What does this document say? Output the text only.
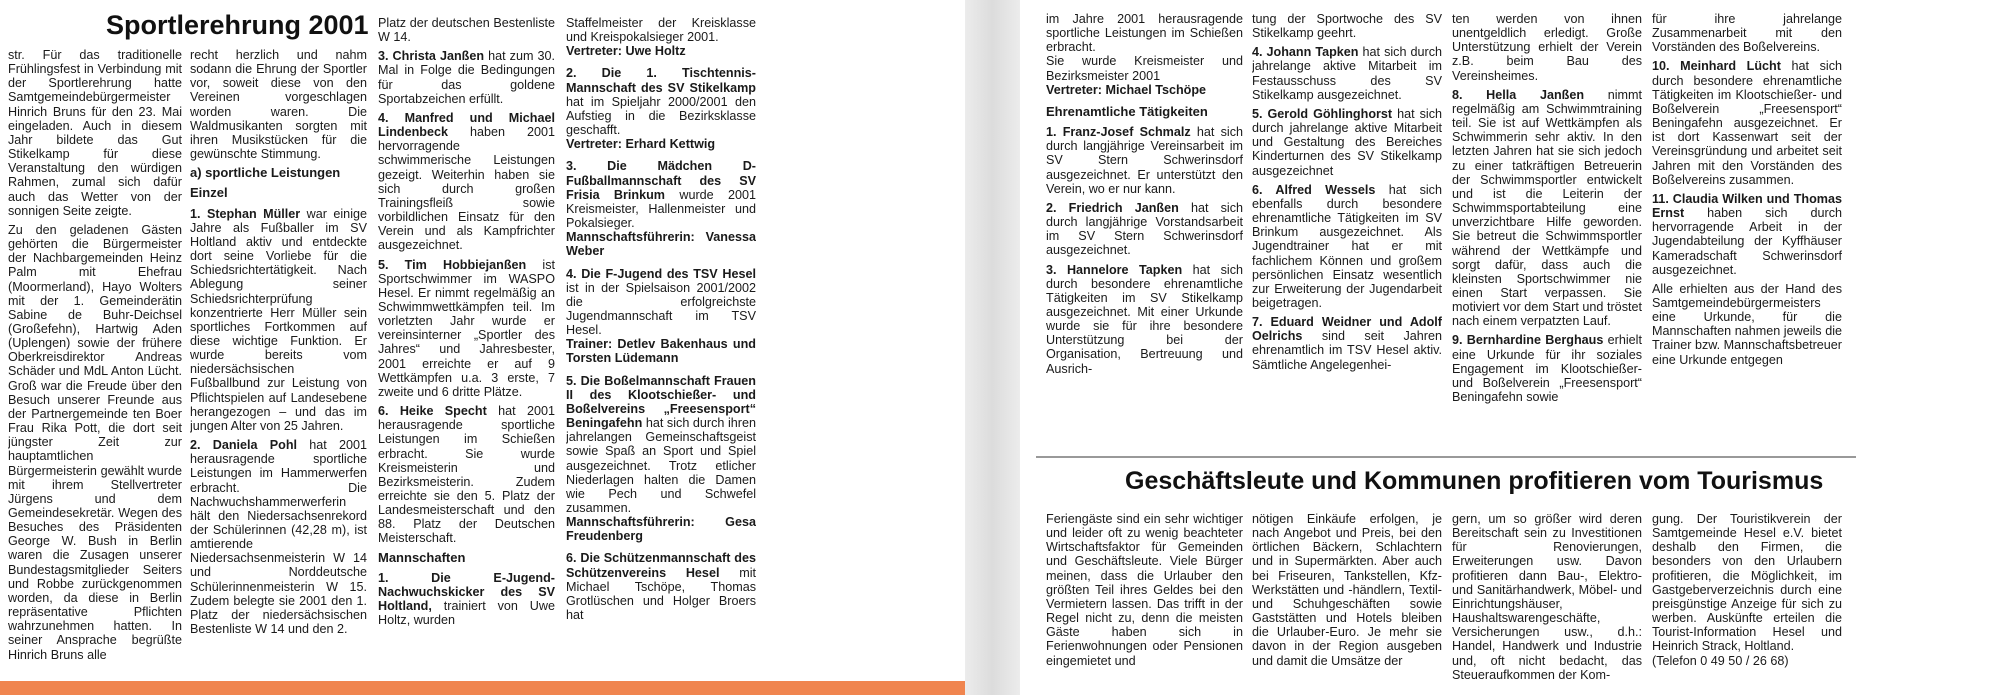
Sportlerehrung 2001

str. Für das traditionelle Frühlingsfest in Verbindung mit der Sportlerehrung hatte Samtgemeindebürgermeister Hinrich Bruns für den 23. Mai eingeladen. Auch in diesem Jahr bildete das Gut Stikelkamp für diese Veranstaltung den würdigen Rahmen, zumal sich dafür auch das Wetter von der sonnigen Seite zeigte.

Zu den geladenen Gästen gehörten die Bürgermeister der Nachbargemeinden Heinz Palm mit Ehefrau (Moormerland), Hayo Wolters mit der 1. Gemeinderätin Sabine de Buhr-Deichsel (Großefehn), Hartwig Aden (Uplengen) sowie der frühere Oberkreisdirektor Andreas Schäder und MdL Anton Lücht. Groß war die Freude über den Besuch unserer Freunde aus der Partnergemeinde ten Boer Frau Rika Pott, die dort seit jüngster Zeit zur hauptamtlichen Bürgermeisterin gewählt wurde mit ihrem Stellvertreter Jürgens und dem Gemeindesekretär. Wegen des Besuches des Präsidenten George W. Bush in Berlin waren die Zusagen unserer Bundestagsmitglieder Seiters und Robbe zurückgenommen worden, da diese in Berlin repräsentative Pflichten wahrzunehmen hatten. In seiner Ansprache begrüßte Hinrich Bruns alle

recht herzlich und nahm sodann die Ehrung der Sportler vor, soweit diese von den Vereinen vorgeschlagen worden waren. Die Waldmusikanten sorgten mit ihren Musikstücken für die gewünschte Stimmung.

a) sportliche Leistungen
Einzel

1. Stephan Müller war einige Jahre als Fußballer im SV Holtland aktiv und entdeckte dort seine Vorliebe für die Schiedsrichtertätigkeit. Nach Ablegung seiner Schiedsrichterprüfung konzentrierte Herr Müller sein sportliches Fortkommen auf diese wichtige Funktion. Er wurde bereits vom niedersächsischen Fußballbund zur Leistung von Pflichtspielen auf Landesebene herangezogen – und das im jungen Alter von 25 Jahren.

2. Daniela Pohl hat 2001 herausragende sportliche Leistungen im Hammerwerfen erbracht. Die Nachwuchshammerwerferin hält den Niedersachsenrekord der Schülerinnen (42,28 m), ist amtierende Niedersachsenmeisterin W 14 und Norddeutsche Schülerinnenmeisterin W 15. Zudem belegte sie 2001 den 1. Platz der niedersächsischen Bestenliste W 14 und den 2.

Platz der deutschen Bestenliste W 14.

3. Christa Janßen hat zum 30. Mal in Folge die Bedingungen für das goldene Sportabzeichen erfüllt.

4. Manfred und Michael Lindenbeck haben 2001 hervorragende schwimmerische Leistungen gezeigt. Weiterhin haben sie sich durch großen Trainingsfleiß sowie vorbildlichen Einsatz für den Verein und als Kampfrichter ausgezeichnet.

5. Tim Hobbiejanßen ist Sportschwimmer im WASPO Hesel. Er nimmt regelmäßig an Schwimmwettkämpfen teil. Im vorletzten Jahr wurde er vereinsinterner „Sportler des Jahres“ und Jahresbester, 2001 erreichte er auf 9 Wettkämpfen u.a. 3 erste, 7 zweite und 6 dritte Plätze.

6. Heike Specht hat 2001 herausragende sportliche Leistungen im Schießen erbracht. Sie wurde Kreismeisterin und Bezirksmeisterin. Zudem erreichte sie den 5. Platz der Landesmeisterschaft und den 88. Platz der Deutschen Meisterschaft.

Mannschaften

1. Die E-Jugend-Nachwuchskicker des SV Holtland, trainiert von Uwe Holtz, wurden

Staffelmeister der Kreisklasse und Kreispokalsieger 2001.

Vertreter: Uwe Holtz

2. Die 1. Tischtennis-Mannschaft des SV Stikelkamp hat im Spieljahr 2000/2001 den Aufstieg in die Bezirksklasse geschafft.

Vertreter: Erhard Kettwig

3. Die Mädchen D-Fußballmannschaft des SV Frisia Brinkum wurde 2001 Kreismeister, Hallenmeister und Pokalsieger.

Mannschaftsführerin: Vanessa Weber

4. Die F-Jugend des TSV Hesel ist in der Spielsaison 2001/2002 die erfolgreichste Jugendmannschaft im TSV Hesel.

Trainer: Detlev Bakenhaus und Torsten Lüdemann

5. Die Boßelmannschaft Frauen II des Klootschießer- und Boßelvereins „Freesensport“ Beningafehn hat sich durch ihren jahrelangen Gemeinschaftsgeist sowie Spaß an Sport und Spiel ausgezeichnet. Trotz etlicher Niederlagen halten die Damen wie Pech und Schwefel zusammen.

Mannschaftsführerin: Gesa Freudenberg

6. Die Schützenmannschaft des Schützenvereins Hesel mit Michael Tschöpe, Thomas Grotlüschen und Holger Broers hat

im Jahre 2001 herausragende sportliche Leistungen im Schießen erbracht.

Sie wurde Kreismeister und Bezirksmeister 2001

Vertreter: Michael Tschöpe

Ehrenamtliche Tätigkeiten

1. Franz-Josef Schmalz hat sich durch langjährige Vereinsarbeit im SV Stern Schwerinsdorf ausgezeichnet. Er unterstützt den Verein, wo er nur kann.

2. Friedrich Janßen hat sich durch langjährige Vorstandsarbeit im SV Stern Schwerinsdorf ausgezeichnet.

3. Hannelore Tapken hat sich durch besondere ehrenamtliche Tätigkeiten im SV Stikelkamp ausgezeichnet. Mit einer Urkunde wurde sie für ihre besondere Unterstützung bei der Organisation, Bertreuung und Ausrich-

tung der Sportwoche des SV Stikelkamp geehrt.

4. Johann Tapken hat sich durch jahrelange aktive Mitarbeit im Festausschuss des SV Stikelkamp ausgezeichnet.

5. Gerold Göhlinghorst hat sich durch jahrelange aktive Mitarbeit und Gestaltung des Bereiches Kinderturnen des SV Stikelkamp ausgezeichnet

6. Alfred Wessels hat sich ebenfalls durch besondere ehrenamtliche Tätigkeiten im SV Brinkum ausgezeichnet. Als Jugendtrainer hat er mit fachlichem Können und großem persönlichen Einsatz wesentlich zur Erweiterung der Jugendarbeit beigetragen.

7. Eduard Weidner und Adolf Oelrichs sind seit Jahren ehrenamtlich im TSV Hesel aktiv. Sämtliche Angelegenhei-

ten werden von ihnen unentgeldlich erledigt. Große Unterstützung erhielt der Verein z.B. beim Bau des Vereinsheimes.

8. Hella Janßen nimmt regelmäßig am Schwimmtraining teil. Sie ist auf Wettkämpfen als Schwimmerin sehr aktiv. In den letzten Jahren hat sie sich jedoch zu einer tatkräftigen Betreuerin der Schwimmsportler entwickelt und ist die Leiterin der Schwimmsportabteilung eine unverzichtbare Hilfe geworden. Sie betreut die Schwimmsportler während der Wettkämpfe und sorgt dafür, dass auch die kleinsten Sportschwimmer nie einen Start verpassen. Sie motiviert vor dem Start und tröstet nach einem verpatzten Lauf.

9. Bernhardine Berghaus erhielt eine Urkunde für ihr soziales Engagement im Klootschießer- und Boßelverein „Freesensport“ Beningafehn sowie

für ihre jahrelange Zusammenarbeit mit den Vorständen des Boßelvereins.

10. Meinhard Lücht hat sich durch besondere ehrenamtliche Tätigkeiten im Klootschießer- und Boßelverein „Freesensport“ Beningafehn ausgezeichnet. Er ist dort Kassenwart seit der Vereinsgründung und arbeitet seit Jahren mit den Vorständen des Boßelvereins zusammen.

11. Claudia Wilken und Thomas Ernst haben sich durch hervorragende Arbeit in der Jugendabteilung der Kyffhäuser Kameradschaft Schwerinsdorf ausgezeichnet.

Alle erhielten aus der Hand des Samtgemeindebürgermeisters eine Urkunde, für die Mannschaften nahmen jeweils die Trainer bzw. Mannschaftsbetreuer eine Urkunde entgegen

Geschäftsleute und Kommunen profitieren vom Tourismus

Feriengäste sind ein sehr wichtiger und leider oft zu wenig beachteter Wirtschaftsfaktor für Gemeinden und Geschäftsleute. Viele Bürger meinen, dass die Urlauber den größten Teil ihres Geldes bei den Vermietern lassen. Das trifft in der Regel nicht zu, denn die meisten Gäste haben sich in Ferienwohnungen oder Pensionen eingemietet und

nötigen Einkäufe erfolgen, je nach Angebot und Preis, bei den örtlichen Bäckern, Schlachtern und in Supermärkten. Aber auch bei Friseuren, Tankstellen, Kfz-Werkstätten und -händlern, Textil- und Schuhgeschäften sowie Gaststätten und Hotels bleiben die Urlauber-Euro. Je mehr sie davon in der Region ausgeben und damit die Umsätze der

gern, um so größer wird deren Bereitschaft sein zu Investitionen für Renovierungen, Erweiterungen usw. Davon profitieren dann Bau-, Elektro- und Sanitärhandwerk, Möbel- und Einrichtungshäuser, Haushaltswarengeschäfte, Versicherungen usw., d.h.: Handel, Handwerk und Industrie und, oft nicht bedacht, das Steueraufkommen der Kom-

gung. Der Touristikverein der Samtgemeinde Hesel e.V. bietet deshalb den Firmen, die besonders von den Urlaubern profitieren, die Möglichkeit, im Gastgeberverzeichnis durch eine preisgünstige Anzeige für sich zu werben. Auskünfte erteilen die Tourist-Information Hesel und Heinrich Strack, Holtland.

(Telefon 0 49 50 / 26 68)
